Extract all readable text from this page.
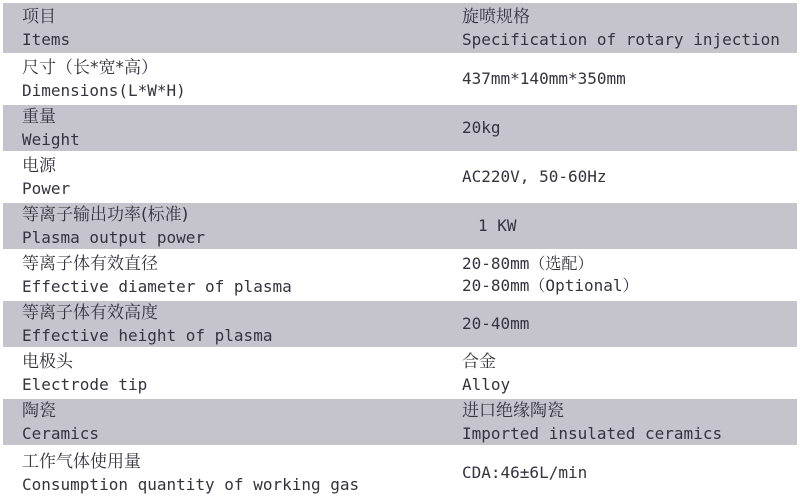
项目
Items
旋喷规格
Specification of rotary injection
尺寸（长*宽*高）
Dimensions(L*W*H)
437mm*140mm*350mm
重量
Weight
20kg
电源
Power
AC220V, 50-60Hz
等离子输出功率(标准)
Plasma output power
1 KW
等离子体有效直径
Effective diameter of plasma
20-80mm（选配）
20-80mm（Optional）
等离子体有效高度
Effective height of plasma
20-40mm
电极头
Electrode tip
合金
Alloy
陶瓷
Ceramics
进口绝缘陶瓷
Imported insulated ceramics
工作气体使用量
Consumption quantity of working gas
CDA:46±6L/min
